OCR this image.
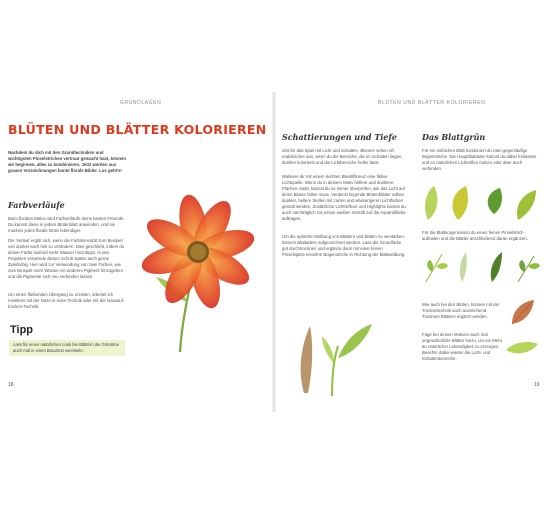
GRUNDLAGEN
BLÜTEN UND BLÄTTER KOLORIEREN
Nachdem du dich mit den Grundtechniken und wichtigsten Pinselstrichen vertraut gemacht hast, können wir beginnen, alles zu kombinieren. Jetzt werden aus grauen Vorzeichnungen bunte florale Bilder. Los geht's!
Farbverläufe
Beim floralen Malen wird Farbverläufe deine besten Freunde. Da kannst diese in jedem Blütenblatt anwenden, und sie machen jedes florale Motiv lebendiger.
Der Verlauf ergibt sich, wenn die Farbintensität zum Beispiel von dunkel nach hell zu verändern. Dies geschieht, indem du deiner Farbe laufend mehr Wasser hinzufügst. In den Projekten verwende diesen Schritt später auch gerne Zweifarbig. Hier wird zur Verwendung von zwei Farben, wie zum Beispiel mehr Wasser ein anderes Pigment hinzugeben und die Pigmente sich neu verbinden lassen.
Um einen fließenden Übergang zu erzielen, arbeitet ich meistens mit der Nass-in-nass-Technik oder mit der Nassauf-trocken-Technik.
Tipp
Lass für einen natürlichen Look bei Blättern die Grüntöne auch mal in einen Braunton wechseln.
18
BLÜTEN UND BLÄTTER KOLORIEREN
Schattierungen und Tiefe
Zeit für das Spiel mit Licht und Schatten. Blumen sehen oft realistischer aus, wenn du die Bereiche, die im Schatten liegen, dunkler kolorierst und die Lichtbereiche heller lässt.
Markiere dir mit einem leichten Bleistiftkreuz eine fiktive Lichtquelle. Wenn du in deinem Motiv hellere und dunklere Flächen malst, kannst du so immer überprüfen, wie das Licht auf deine Blume fallen muss. Verdeckt liegende Blütenblätter sollten dunkler, hellere Stellen mit zarten und wässerigeren Lichtfarben gemalt werden. Zusätzliche Lichtreflexe und Highlights kannst du auch nachträglich mit einem weißen Gelstift auf die Aquarellfarbe auftragen.
Um die optische Wölbung von Blättern und Blüten zu verstärken, können Blattadern aufgezeichnet werden. Lass die Grundfarbe gut durchtrocknen und ergänze dann mit einer feinen Pinselspitze einzelne Bogenstriche in Richtung der Blattwölbung.
Das Blattgrün
Für ein einfaches Blatt kombiniert du zwei gegenläufige Bogenstriche. Die Hauptblattader kannst du dabei freilassen und so natürlichen Lichtreflex nutzen oder aber auch verbinden.
Für die Blattsorge kannst du einen feinen Pinselstrich aufmalen und die Blätter anschließend daran ergänzen.
Wie auch bei den Blüten, können mit der Trockentechnik auch ausreichend Trocknen Blättern ergänzt werden.
Füge bei deinen Motiven auch mal ungewöhnliche Blätter hinzu, um ein Mehr an natürlicher Lebendigkeit zu erzeugen. Beachte dabei wieder die Licht- und Schattenbereiche.
19
